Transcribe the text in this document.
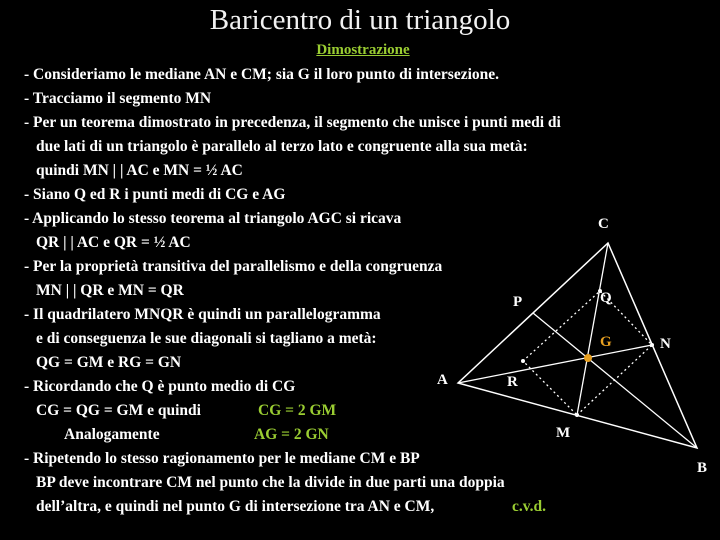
Baricentro di un triangolo
Dimostrazione
- Consideriamo le mediane AN e CM; sia G il loro punto di intersezione.
- Tracciamo il segmento MN
- Per un teorema dimostrato in precedenza, il segmento che unisce i punti medi di
due lati di un triangolo è parallelo al terzo lato e congruente alla sua metà:
quindi MN | | AC e MN = ½ AC
- Siano Q ed R i punti medi di CG e AG
- Applicando lo stesso teorema al triangolo AGC si ricava
QR | | AC e QR = ½ AC
- Per la proprietà transitiva del parallelismo e della congruenza
MN | | QR e MN = QR
- Il quadrilatero MNQR è quindi un parallelogramma
e di conseguenza le sue diagonali si tagliano a metà:
QG = GM e RG = GN
- Ricordando che Q è punto medio di CG
CG = QG = GM e quindi	CG = 2 GM
Analogamente	AG = 2 GN
- Ripetendo lo stesso ragionamento per le mediane CM e BP
BP deve incontrare CM nel punto che la divide in due parti una doppia
dell’altra, e quindi nel punto G di intersezione tra AN e CM,	c.v.d.
A
B
C
M
N
P	Q
R
G
